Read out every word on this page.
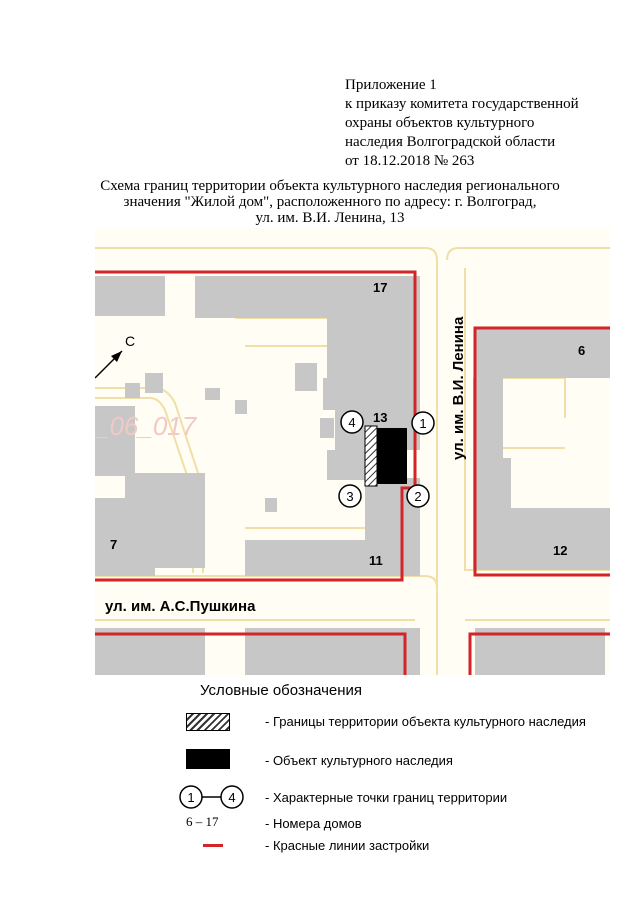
Приложение 1
к приказу комитета государственной
охраны объектов культурного
наследия Волгоградской области
от 18.12.2018 № 263
Схема границ территории объекта культурного наследия регионального
значения "Жилой дом", расположенного по адресу: г. Волгоград,
ул. им. В.И. Ленина, 13
С
_06_017	ул. им. В.И. Ленина
ул. им. А.С.Пушкина
17
13
6
7
11
12
1
2
3
4
Условные обозначения
- Границы территории объекта культурного наследия
- Объект культурного наследия
1	4 - Характерные точки границ территории
6 – 17	- Номера домов
- Красные линии застройки
